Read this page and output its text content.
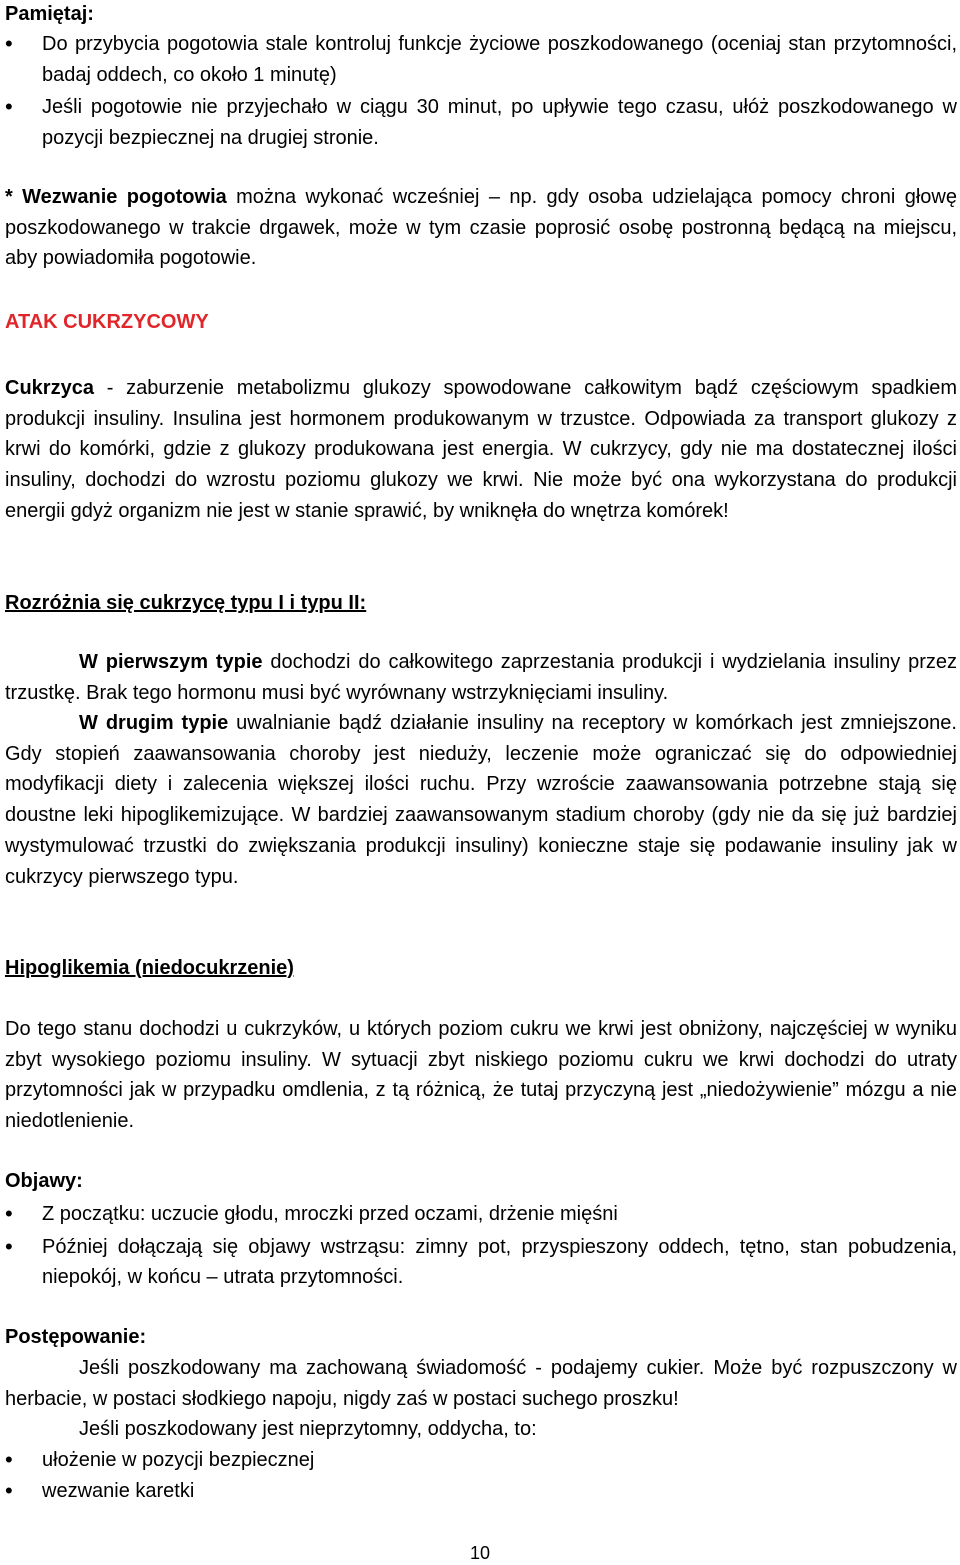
Pamiętaj:
• Do przybycia pogotowia stale kontroluj funkcje życiowe poszkodowanego (oceniaj stan przytomności, badaj oddech, co około 1 minutę)
• Jeśli pogotowie nie przyjechało w ciągu 30 minut, po upływie tego czasu, ułóż poszkodowanego w pozycji bezpiecznej na drugiej stronie.

* Wezwanie pogotowia można wykonać wcześniej – np. gdy osoba udzielająca pomocy chroni głowę poszkodowanego w trakcie drgawek, może w tym czasie poprosić osobę postronną będącą na miejscu, aby powiadomiła pogotowie.

ATAK CUKRZYCOWY

Cukrzyca - zaburzenie metabolizmu glukozy spowodowane całkowitym bądź częściowym spadkiem produkcji insuliny. Insulina jest hormonem produkowanym w trzustce. Odpowiada za transport glukozy z krwi do komórki, gdzie z glukozy produkowana jest energia. W cukrzycy, gdy nie ma dostatecznej ilości insuliny, dochodzi do wzrostu poziomu glukozy we krwi. Nie może być ona wykorzystana do produkcji energii gdyż organizm nie jest w stanie sprawić, by wniknęła do wnętrza komórek!

Rozróżnia się cukrzycę typu I i typu II:

W pierwszym typie dochodzi do całkowitego zaprzestania produkcji i wydzielania insuliny przez trzustkę. Brak tego hormonu musi być wyrównany wstrzyknięciami insuliny.

W drugim typie uwalnianie bądź działanie insuliny na receptory w komórkach jest zmniejszone. Gdy stopień zaawansowania choroby jest nieduży, leczenie może ograniczać się do odpowiedniej modyfikacji diety i zalecenia większej ilości ruchu. Przy wzroście zaawansowania potrzebne stają się doustne leki hipoglikemizujące. W bardziej zaawansowanym stadium choroby (gdy nie da się już bardziej wystymulować trzustki do zwiększania produkcji insuliny) konieczne staje się podawanie insuliny jak w cukrzycy pierwszego typu.

Hipoglikemia (niedocukrzenie)

Do tego stanu dochodzi u cukrzyków, u których poziom cukru we krwi jest obniżony, najczęściej w wyniku zbyt wysokiego poziomu insuliny. W sytuacji zbyt niskiego poziomu cukru we krwi dochodzi do utraty przytomności jak w przypadku omdlenia, z tą różnicą, że tutaj przyczyną jest „niedożywienie” mózgu a nie niedotlenienie.

Objawy:
• Z początku: uczucie głodu, mroczki przed oczami, drżenie mięśni
• Później dołączają się objawy wstrząsu: zimny pot, przyspieszony oddech, tętno, stan pobudzenia, niepokój, w końcu – utrata przytomności.
Postępowanie:

Jeśli poszkodowany ma zachowaną świadomość - podajemy cukier. Może być rozpuszczony w herbacie, w postaci słodkiego napoju, nigdy zaś w postaci suchego proszku!

Jeśli poszkodowany jest nieprzytomny, oddycha, to:

• ułożenie w pozycji bezpiecznej
• wezwanie karetki
10
